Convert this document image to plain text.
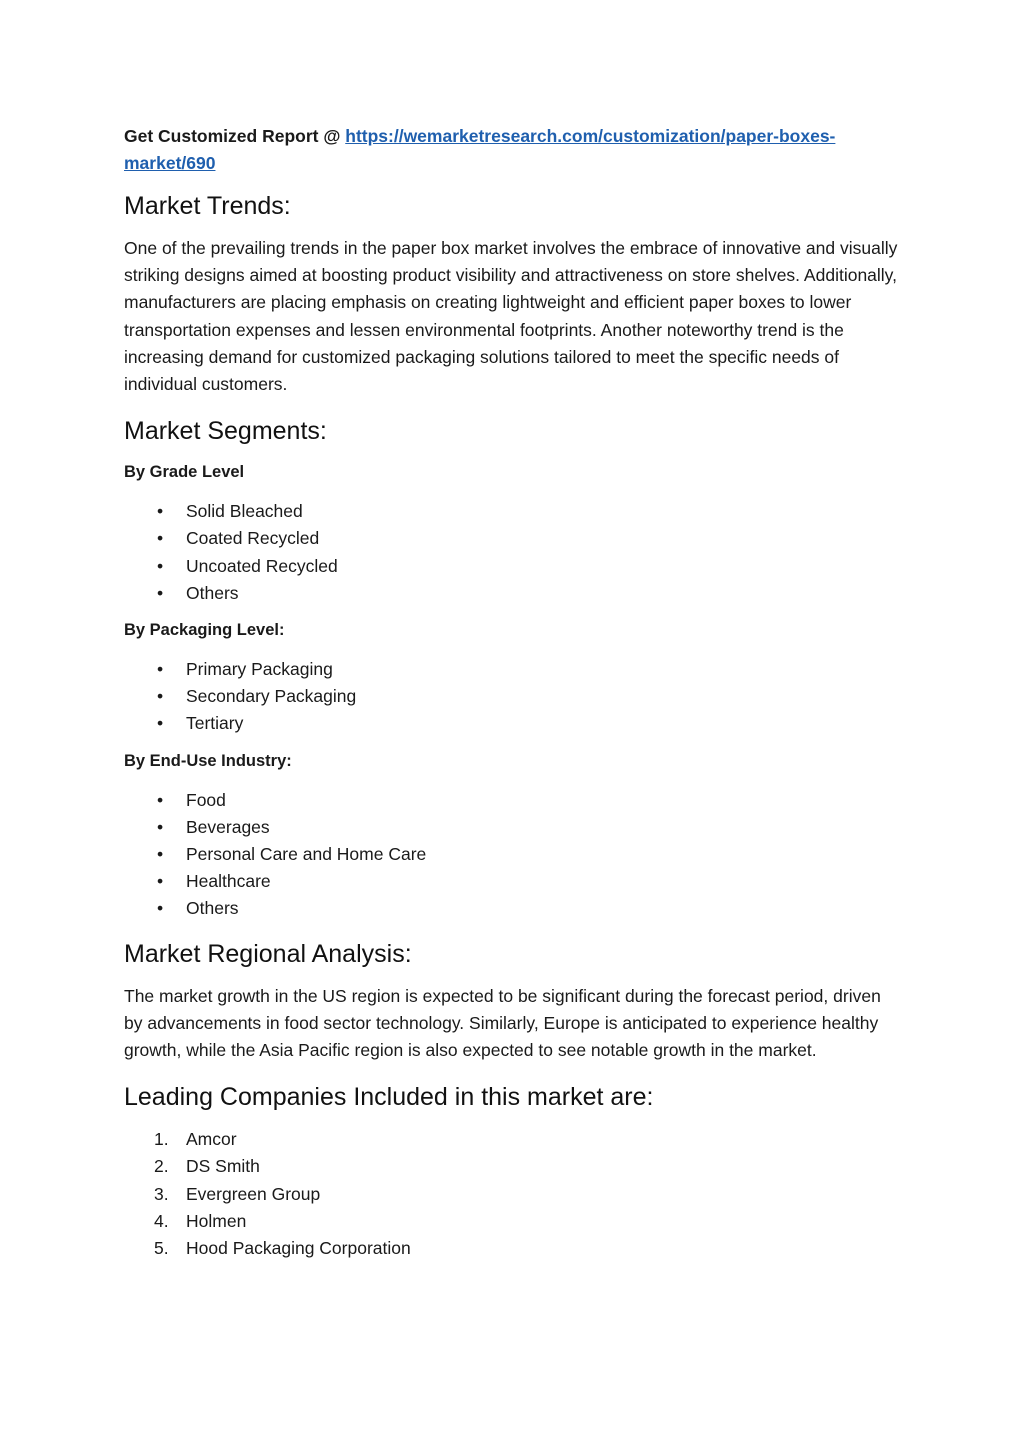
Get Customized Report @ https://wemarketresearch.com/customization/paper-boxes-market/690
Market Trends:

One of the prevailing trends in the paper box market involves the embrace of innovative and visually striking designs aimed at boosting product visibility and attractiveness on store shelves. Additionally, manufacturers are placing emphasis on creating lightweight and efficient paper boxes to lower transportation expenses and lessen environmental footprints. Another noteworthy trend is the increasing demand for customized packaging solutions tailored to meet the specific needs of individual customers.

Market Segments:
By Grade Level
•	Solid Bleached
•	Coated Recycled
•	Uncoated Recycled
•	Others
By Packaging Level:
•	Primary Packaging
•	Secondary Packaging
•	Tertiary
By End-Use Industry:
•	Food
•	Beverages
•	Personal Care and Home Care
•	Healthcare
•	Others
Market Regional Analysis:

The market growth in the US region is expected to be significant during the forecast period, driven by advancements in food sector technology. Similarly, Europe is anticipated to experience healthy growth, while the Asia Pacific region is also expected to see notable growth in the market.

Leading Companies Included in this market are:
1. Amcor
2. DS Smith
3. Evergreen Group
4. Holmen
5. Hood Packaging Corporation
